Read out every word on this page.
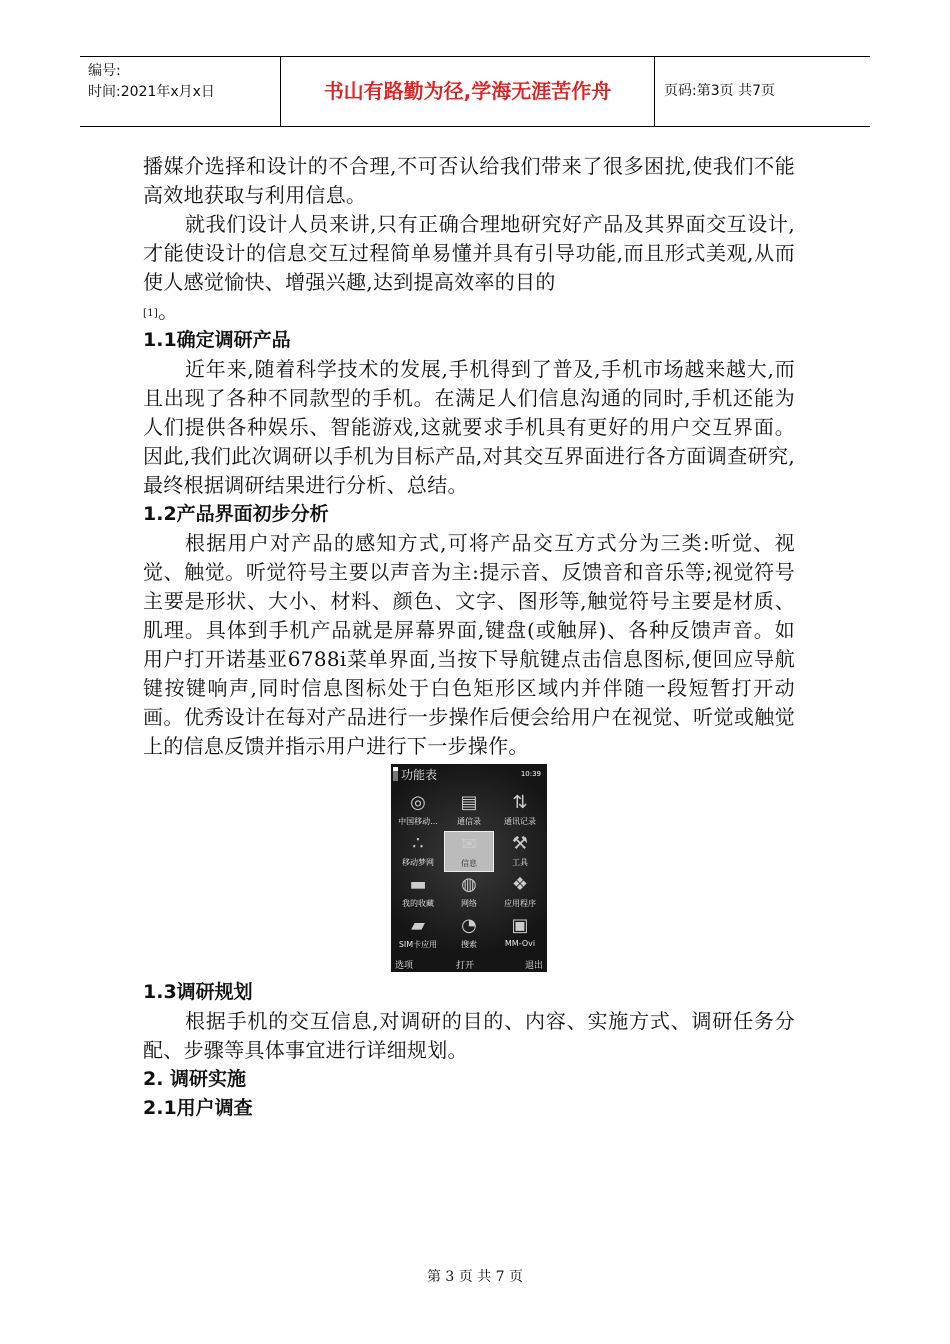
编号:
时间:2021年x月x日	书山有路勤为径,学海无涯苦作舟	页码:第3页 共7页

播媒介选择和设计的不合理,不可否认给我们带来了很多困扰,使我们不能高效地获取与利用信息。

就我们设计人员来讲,只有正确合理地研究好产品及其界面交互设计,才能使设计的信息交互过程简单易懂并具有引导功能,而且形式美观,从而使人感觉愉快、增强兴趣,达到提高效率的目的
[1]。

1.1确定调研产品

近年来,随着科学技术的发展,手机得到了普及,手机市场越来越大,而且出现了各种不同款型的手机。在满足人们信息沟通的同时,手机还能为人们提供各种娱乐、智能游戏,这就要求手机具有更好的用户交互界面。因此,我们此次调研以手机为目标产品,对其交互界面进行各方面调查研究,最终根据调研结果进行分析、总结。

1.2产品界面初步分析

根据用户对产品的感知方式,可将产品交互方式分为三类:听觉、视觉、触觉。听觉符号主要以声音为主:提示音、反馈音和音乐等;视觉符号主要是形状、大小、材料、颜色、文字、图形等,触觉符号主要是材质、肌理。具体到手机产品就是屏幕界面,键盘(或触屏)、各种反馈声音。如用户打开诺基亚6788i菜单界面,当按下导航键点击信息图标,便回应导航键按键响声,同时信息图标处于白色矩形区域内并伴随一段短暂打开动画。优秀设计在每对产品进行一步操作后便会给用户在视觉、听觉或触觉上的信息反馈并指示用户进行下一步操作。

功能表	10:39
◎
中国移动...
▤
通信录
⇅
通讯记录
∴
移动梦网
✉
信息
⚒
工具
▬
我的收藏
◍
网络
❖
应用程序
▰
SIM卡应用
◔
搜索
▣
MM-Ovi
选项	打开	退出

1.3调研规划

根据手机的交互信息,对调研的目的、内容、实施方式、调研任务分配、步骤等具体事宜进行详细规划。

2. 调研实施

2.1用户调查

第 3 页 共 7 页
